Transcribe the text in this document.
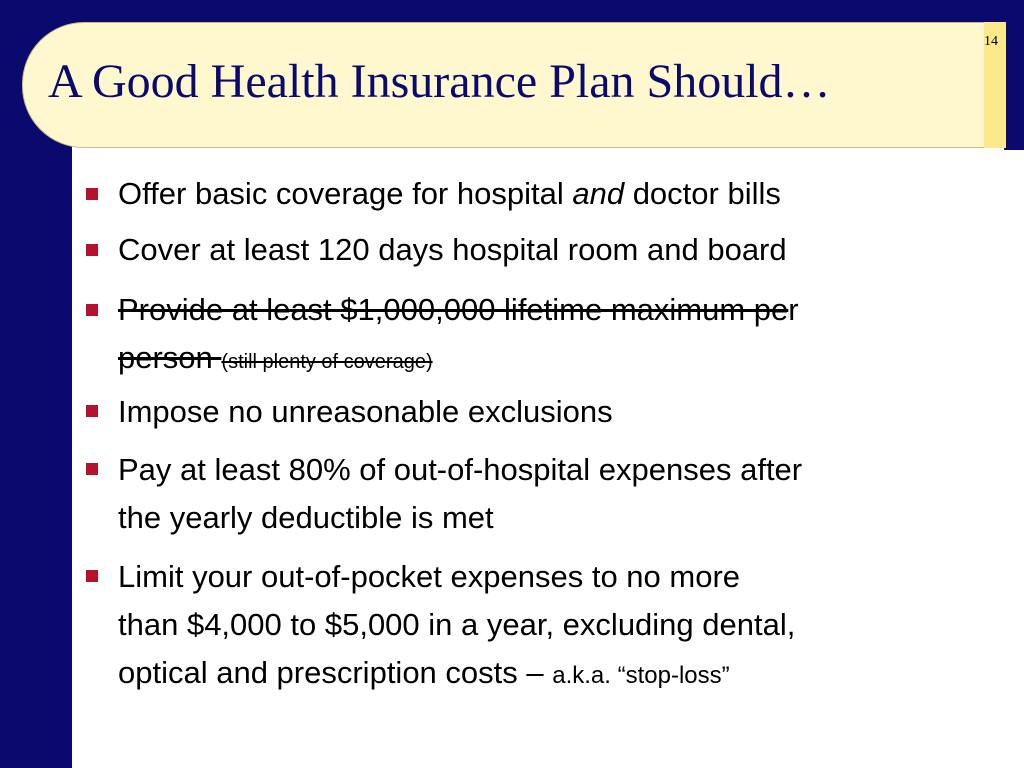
A Good Health Insurance Plan Should…
14
Offer basic coverage for hospital and doctor bills
Cover at least 120 days hospital room and board
Provide at least $1,000,000 lifetime maximum per
person (still plenty of coverage)
Impose no unreasonable exclusions
Pay at least 80% of out-of-hospital expenses after
the yearly deductible is met
Limit your out-of-pocket expenses to no more
than $4,000 to $5,000 in a year, excluding dental,
optical and prescription costs – a.k.a. “stop-loss”
